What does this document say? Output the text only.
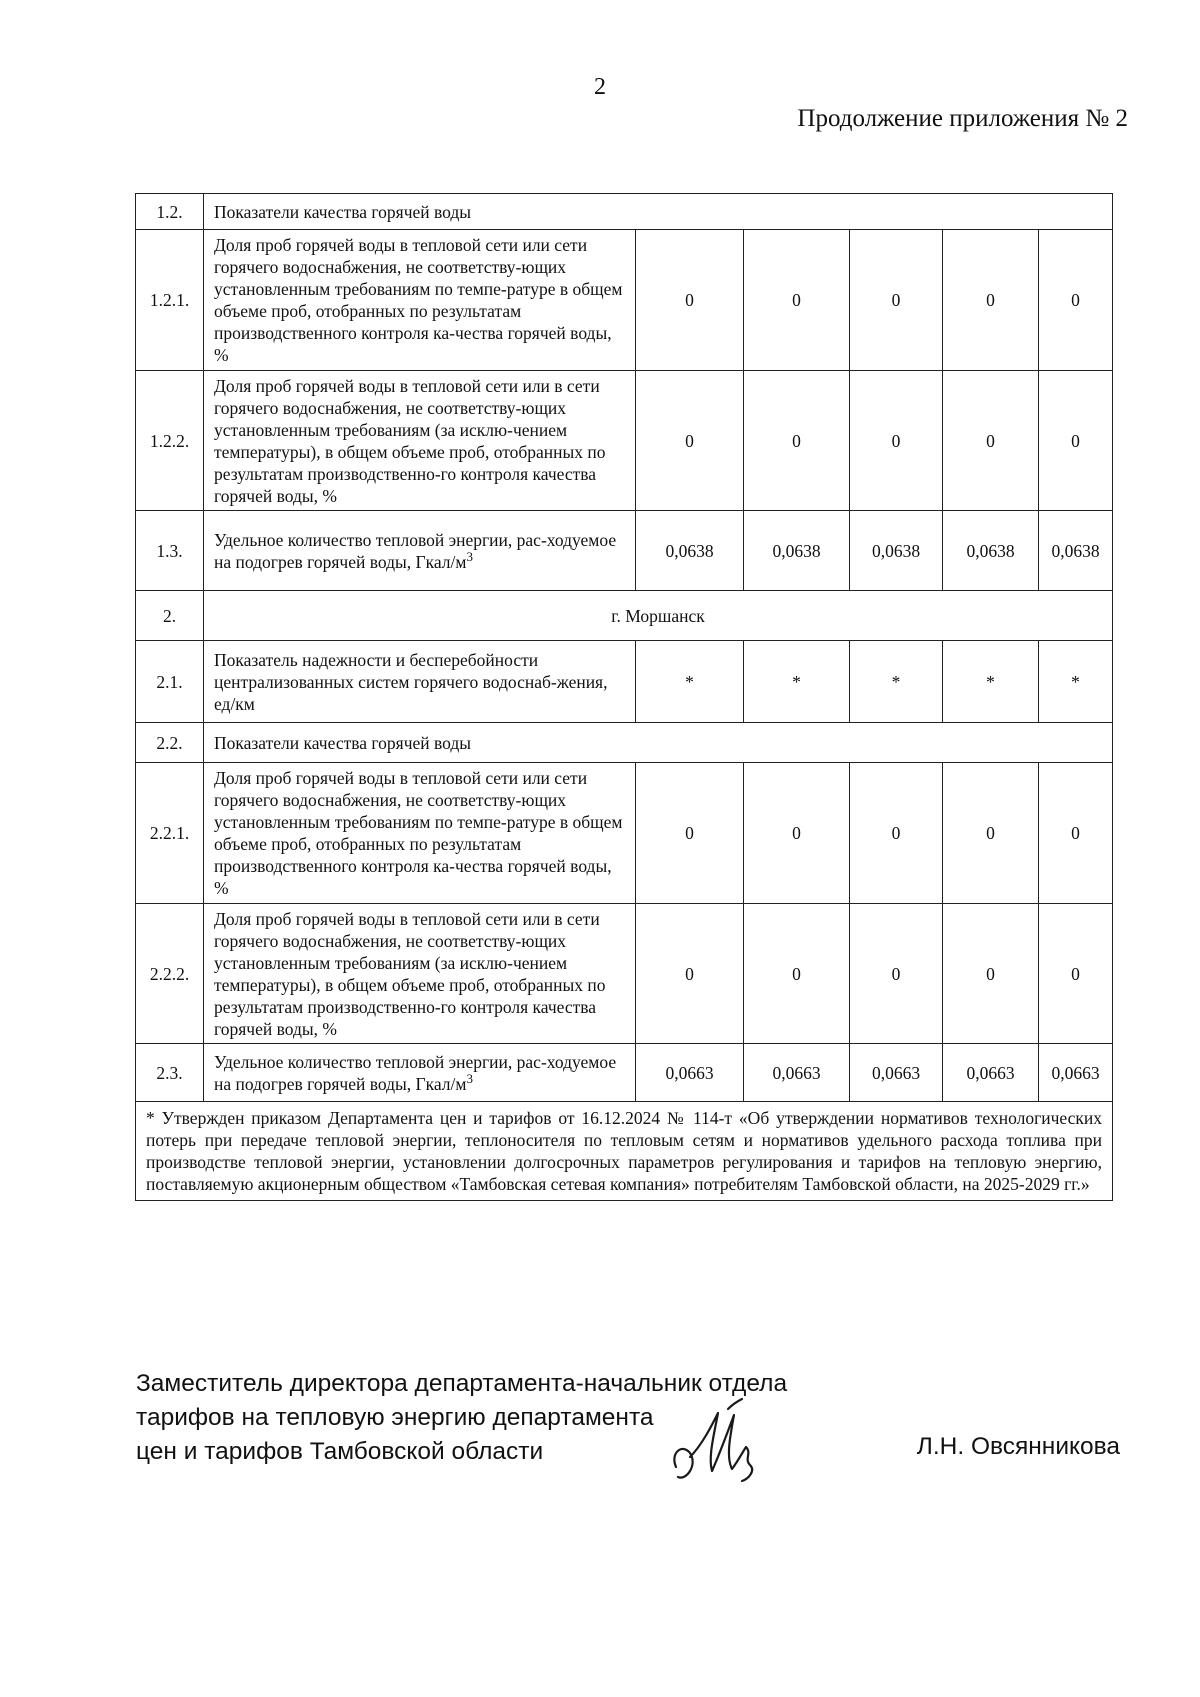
2
Продолжение приложения № 2
1.2.	Показатели качества горячей воды					
1.2.1.	Доля проб горячей воды в тепловой сети или сети горячего водоснабжения, не соответству-ющих установленным требованиям по темпе-ратуре в общем объеме проб, отобранных по результатам производственного контроля ка-чества горячей воды, %	0	0	0	0	0
1.2.2.	Доля проб горячей воды в тепловой сети или в сети горячего водоснабжения, не соответству-ющих установленным требованиям (за исклю-чением температуры), в общем объеме проб, отобранных по результатам производственно-го контроля качества горячей воды, %	0	0	0	0	0
1.3.	Удельное количество тепловой энергии, рас-ходуемое на подогрев горячей воды, Гкал/$м^3$	0,0638	0,0638	0,0638	0,0638	0,0638
2.	г. Моршанск					
2.1.	Показатель надежности и бесперебойности централизованных систем горячего водоснаб-жения, ед/км	*	*	*	*	*
2.2.	Показатели качества горячей воды					
2.2.1.	Доля проб горячей воды в тепловой сети или сети горячего водоснабжения, не соответству-ющих установленным требованиям по темпе-ратуре в общем объеме проб, отобранных по результатам производственного контроля ка-чества горячей воды, %	0	0	0	0	0
2.2.2.	Доля проб горячей воды в тепловой сети или в сети горячего водоснабжения, не соответству-ющих установленным требованиям (за исклю-чением температуры), в общем объеме проб, отобранных по результатам производственно-го контроля качества горячей воды, %	0	0	0	0	0
2.3.	Удельное количество тепловой энергии, рас-ходуемое на подогрев горячей воды, Гкал/$м^3$	0,0663	0,0663	0,0663	0,0663	0,0663
* Утвержден приказом Департамента цен и тарифов от 16.12.2024 № 114-т «Об утверждении нормативов технологических потерь при передаче тепловой энергии, теплоносителя по тепловым сетям и нормативов удельного расхода топлива при производстве тепловой энергии, установлении долгосрочных параметров регулирования и тарифов на тепловую энергию, поставляемую акционерным обществом «Тамбовская сетевая компания» потребителям Тамбовской области, на 2025-2029 гг.»						
Заместитель директора департамента-начальник отдела
тарифов на тепловую энергию департамента
цен и тарифов Тамбовской области	Л.Н. Овсянникова
